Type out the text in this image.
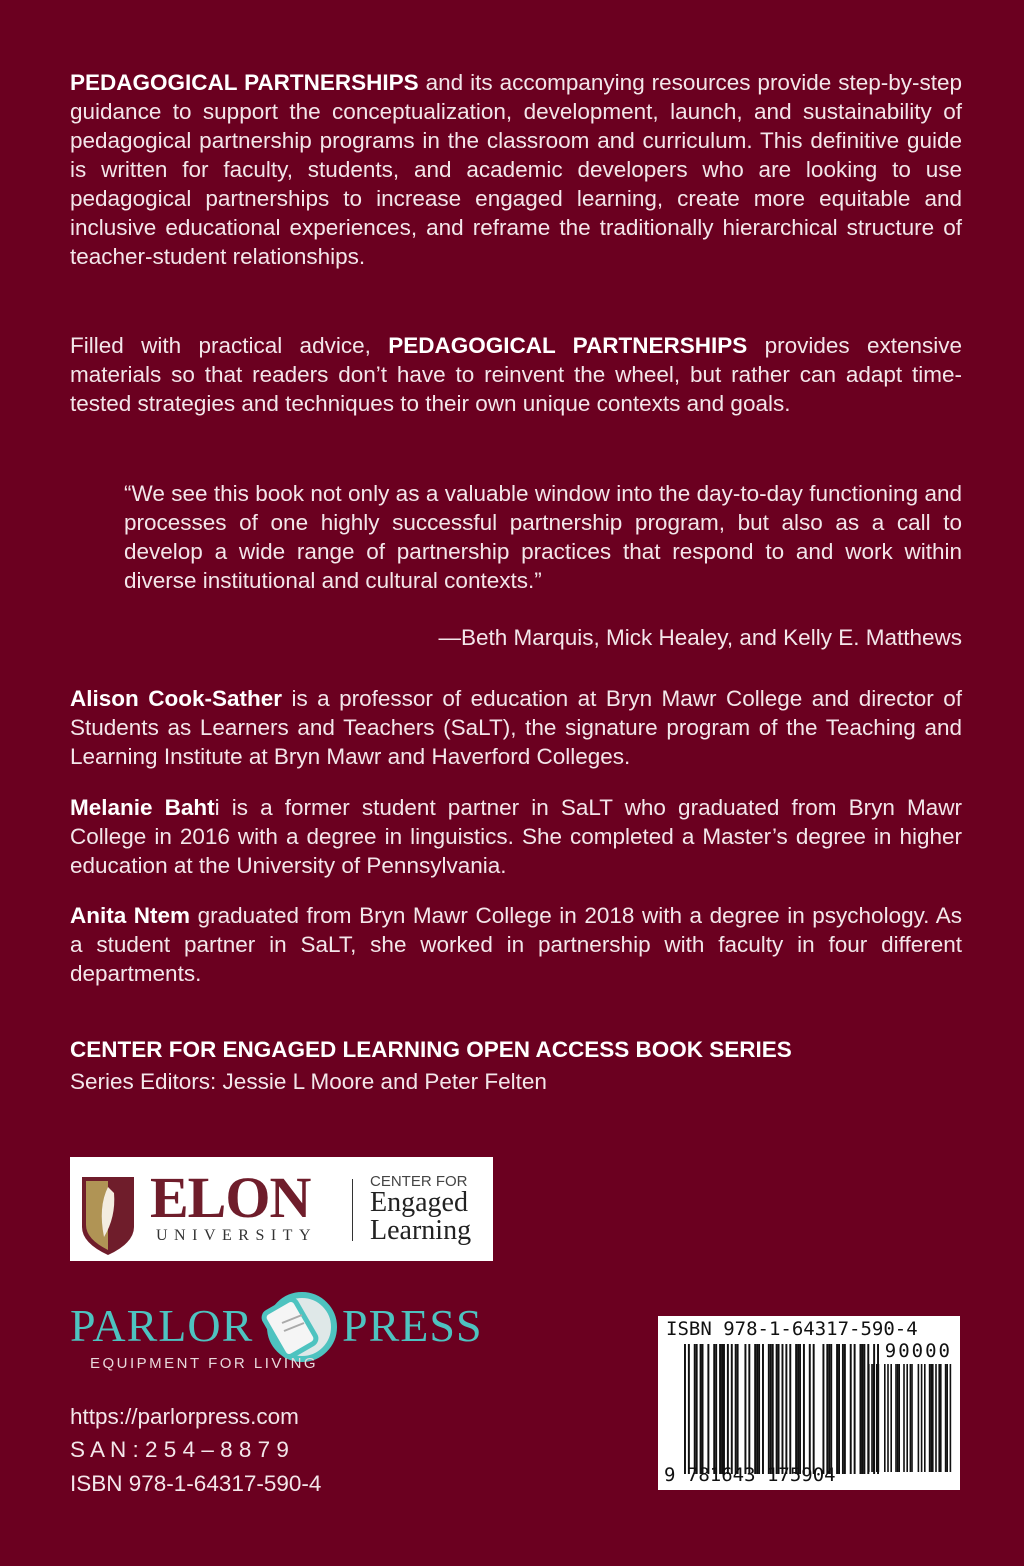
PEDAGOGICAL PARTNERSHIPS and its accompanying resources provide step-by-step guidance to support the conceptualization, development, launch, and sustainability of pedagogical partnership programs in the classroom and curriculum. This definitive guide is written for faculty, students, and academic developers who are looking to use pedagogical partnerships to increase engaged learning, create more equitable and inclusive educational experiences, and reframe the traditionally hierarchical structure of teacher-student relationships.

Filled with practical advice, PEDAGOGICAL PARTNERSHIPS provides extensive materials so that readers don’t have to reinvent the wheel, but rather can adapt time-tested strategies and techniques to their own unique contexts and goals.

“We see this book not only as a valuable window into the day-to-day functioning and processes of one highly successful partnership program, but also as a call to develop a wide range of partnership practices that respond to and work within diverse institutional and cultural contexts.”

—Beth Marquis, Mick Healey, and Kelly E. Matthews

Alison Cook-Sather is a professor of education at Bryn Mawr College and director of Students as Learners and Teachers (SaLT), the signature program of the Teaching and Learning Institute at Bryn Mawr and Haverford Colleges.

Melanie Bahti is a former student partner in SaLT who graduated from Bryn Mawr College in 2016 with a degree in linguistics. She completed a Master’s degree in higher education at the University of Pennsylvania.

Anita Ntem graduated from Bryn Mawr College in 2018 with a degree in psychology. As a student partner in SaLT, she worked in partnership with faculty in four different departments.

CENTER FOR ENGAGED LEARNING OPEN ACCESS BOOK SERIES

Series Editors: Jessie L Moore and Peter Felten

ELON
UNIVERSITY
CENTER FOR
Engaged
Learning
PARLOR PRESS
EQUIPMENT FOR LIVING
https://parlorpress.com
S A N : 2 5 4 – 8 8 7 9
ISBN 978-1-64317-590-4
ISBN 978-1-64317-590-4
90000
9 781643 175904
